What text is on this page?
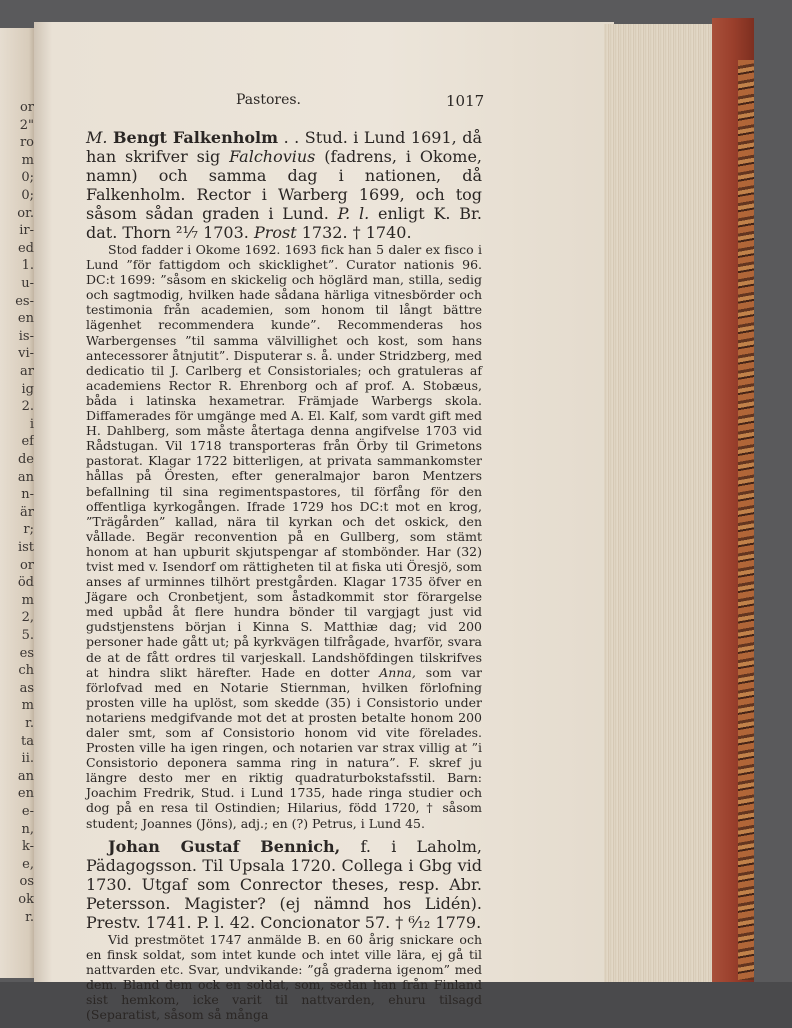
or
2"
ro
m
0;
0;
or.
ir-
ed
1.
u-
es-
en
is-
vi-
ar
ig
2.
i
ef
de
an
n-
är
r;
ist
or
öd
m
2,
5.
es
ch
as
m
r.
ta
ii.
an
en
e-
n,
k-
e,
os
ok
r.
Pastores.	1017

M. Bengt Falkenholm . . Stud. i Lund 1691, då han skrifver sig Falchovius (fadrens, i Okome, namn) och samma dag i nationen, då Falkenholm. Rector i Warberg 1699, och tog såsom sådan graden i Lund. P. l. enligt K. Br. dat. Thorn ²¹⁄₇ 1703. Prost 1732. † 1740.

Stod fadder i Okome 1692. 1693 fick han 5 daler ex fisco i Lund ”för fattigdom och skicklighet”. Curator nationis 96. DC:t 1699: ”såsom en skickelig och höglärd man, stilla, sedig och sagtmodig, hvilken hade sådana härliga vitnesbörder och testimonia från academien, som honom til långt bättre lägenhet recommendera kunde”. Recommenderas hos Warbergenses ”til samma välvillighet och kost, som hans antecessorer åtnjutit”. Disputerar s. å. under Stridzberg, med dedicatio til J. Carlberg et Consistoriales; och gratuleras af academiens Rector R. Ehrenborg och af prof. A. Stobæus, båda i latinska hexametrar. Främjade Warbergs skola. Diffamerades för umgänge med A. El. Kalf, som vardt gift med H. Dahlberg, som måste återtaga denna angifvelse 1703 vid Rådstugan. Vil 1718 transporteras från Örby til Grimetons pastorat. Klagar 1722 bitterligen, at privata sammankomster hållas på Öresten, efter generalmajor baron Mentzers befallning til sina regimentspastores, til förfång för den offentliga kyrkogången. Ifrade 1729 hos DC:t mot en krog, ”Trägården” kallad, nära til kyrkan och det oskick, den vållade. Begär reconvention på en Gullberg, som stämt honom at han upburit skjutspengar af stombönder. Har (32) tvist med v. Isendorf om rättigheten til at fiska uti Öresjö, som anses af urminnes tilhört prestgården. Klagar 1735 öfver en Jägare och Cronbetjent, som åstadkommit stor förargelse med upbåd åt flere hundra bönder til vargjagt just vid gudstjenstens början i Kinna S. Matthiæ dag; vid 200 personer hade gått ut; på kyrkvägen tilfrågade, hvarför, svara de at de fått ordres til varjeskall. Landshöfdingen tilskrifves at hindra slikt härefter. Hade en dotter Anna, som var förlofvad med en Notarie Stiernman, hvilken förlofning prosten ville ha uplöst, som skedde (35) i Consistorio under notariens medgifvande mot det at prosten betalte honom 200 daler smt, som af Consistorio honom vid vite förelades. Prosten ville ha igen ringen, och notarien var strax villig at ”i Consistorio deponera samma ring in natura”. F. skref ju längre desto mer en riktig quadraturbokstafsstil. Barn: Joachim Fredrik, Stud. i Lund 1735, hade ringa studier och dog på en resa til Ostindien; Hilarius, född 1720, † såsom student; Joannes (Jöns), adj.; en (?) Petrus, i Lund 45.

Johan Gustaf Bennich, f. i Laholm, Pädagogsson. Til Upsala 1720. Collega i Gbg vid 1730. Utgaf som Conrector theses, resp. Abr. Petersson. Magister? (ej nämnd hos Lidén). Prestv. 1741. P. l. 42. Concionator 57. † ⁶⁄₁₂ 1779.

Vid prestmötet 1747 anmälde B. en 60 årig snickare och en finsk soldat, som intet kunde och intet ville lära, ej gå til nattvarden etc. Svar, undvikande: ”gå graderna igenom” med dem. Bland dem ock en soldat, som, sedan han från Finland sist hemkom, icke varit til nattvarden, ehuru tilsagd (Separatist, såsom så många
